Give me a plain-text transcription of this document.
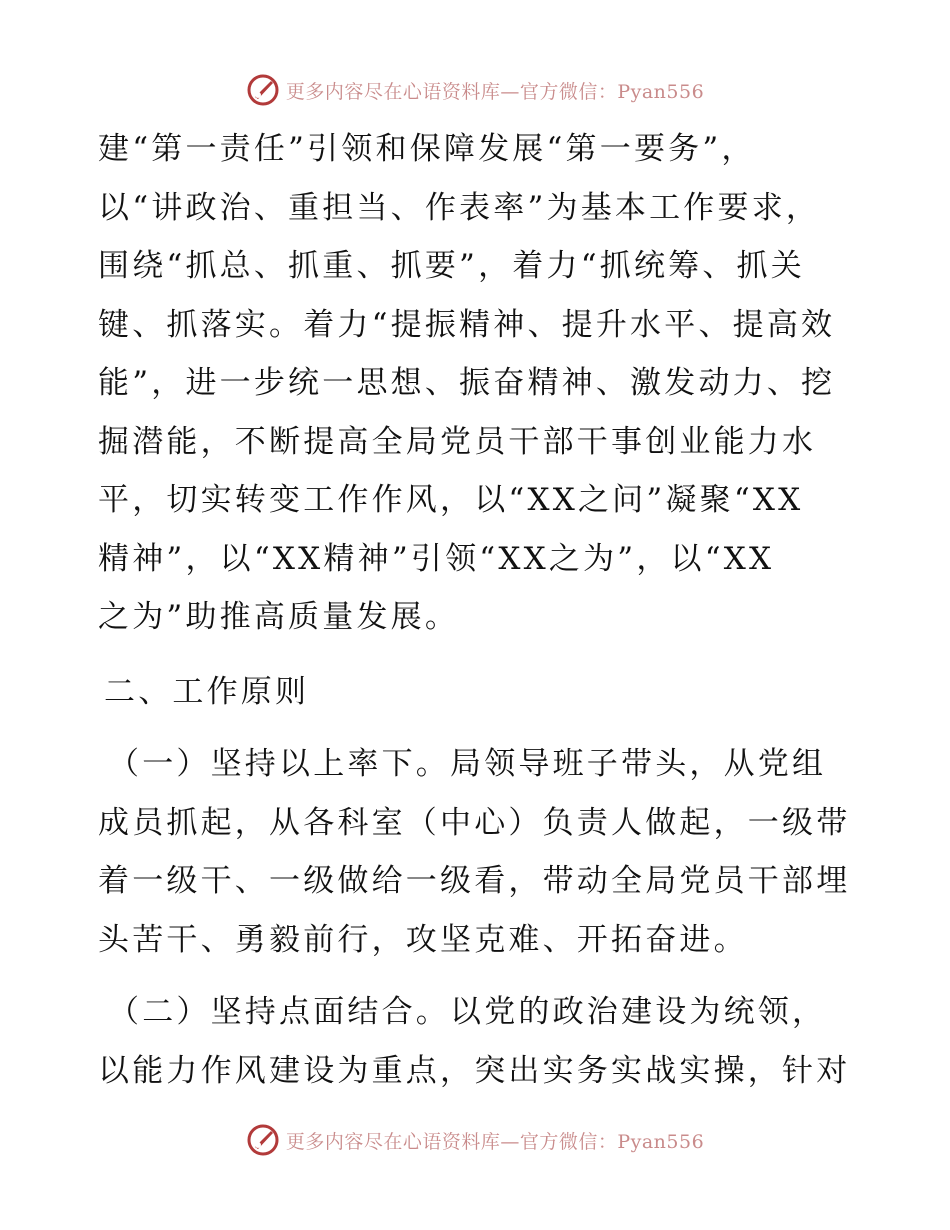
更多内容尽在心语资料库—官方微信：Pyan556
建“第一责任”引领和保障发展“第一要务”，
以“讲政治、重担当、作表率”为基本工作要求，
围绕“抓总、抓重、抓要”，着力“抓统筹、抓关
键、抓落实。着力“提振精神、提升水平、提高效
能”，进一步统一思想、振奋精神、激发动力、挖
掘潜能，不断提高全局党员干部干事创业能力水
平，切实转变工作作风，以“XX之问”凝聚“XX
精神”，以“XX精神”引领“XX之为”，以“XX
之为”助推高质量发展。
二、工作原则
（一）坚持以上率下。局领导班子带头，从党组
成员抓起，从各科室（中心）负责人做起，一级带
着一级干、一级做给一级看，带动全局党员干部埋
头苦干、勇毅前行，攻坚克难、开拓奋进。
（二）坚持点面结合。以党的政治建设为统领，
以能力作风建设为重点，突出实务实战实操，针对
更多内容尽在心语资料库—官方微信：Pyan556
